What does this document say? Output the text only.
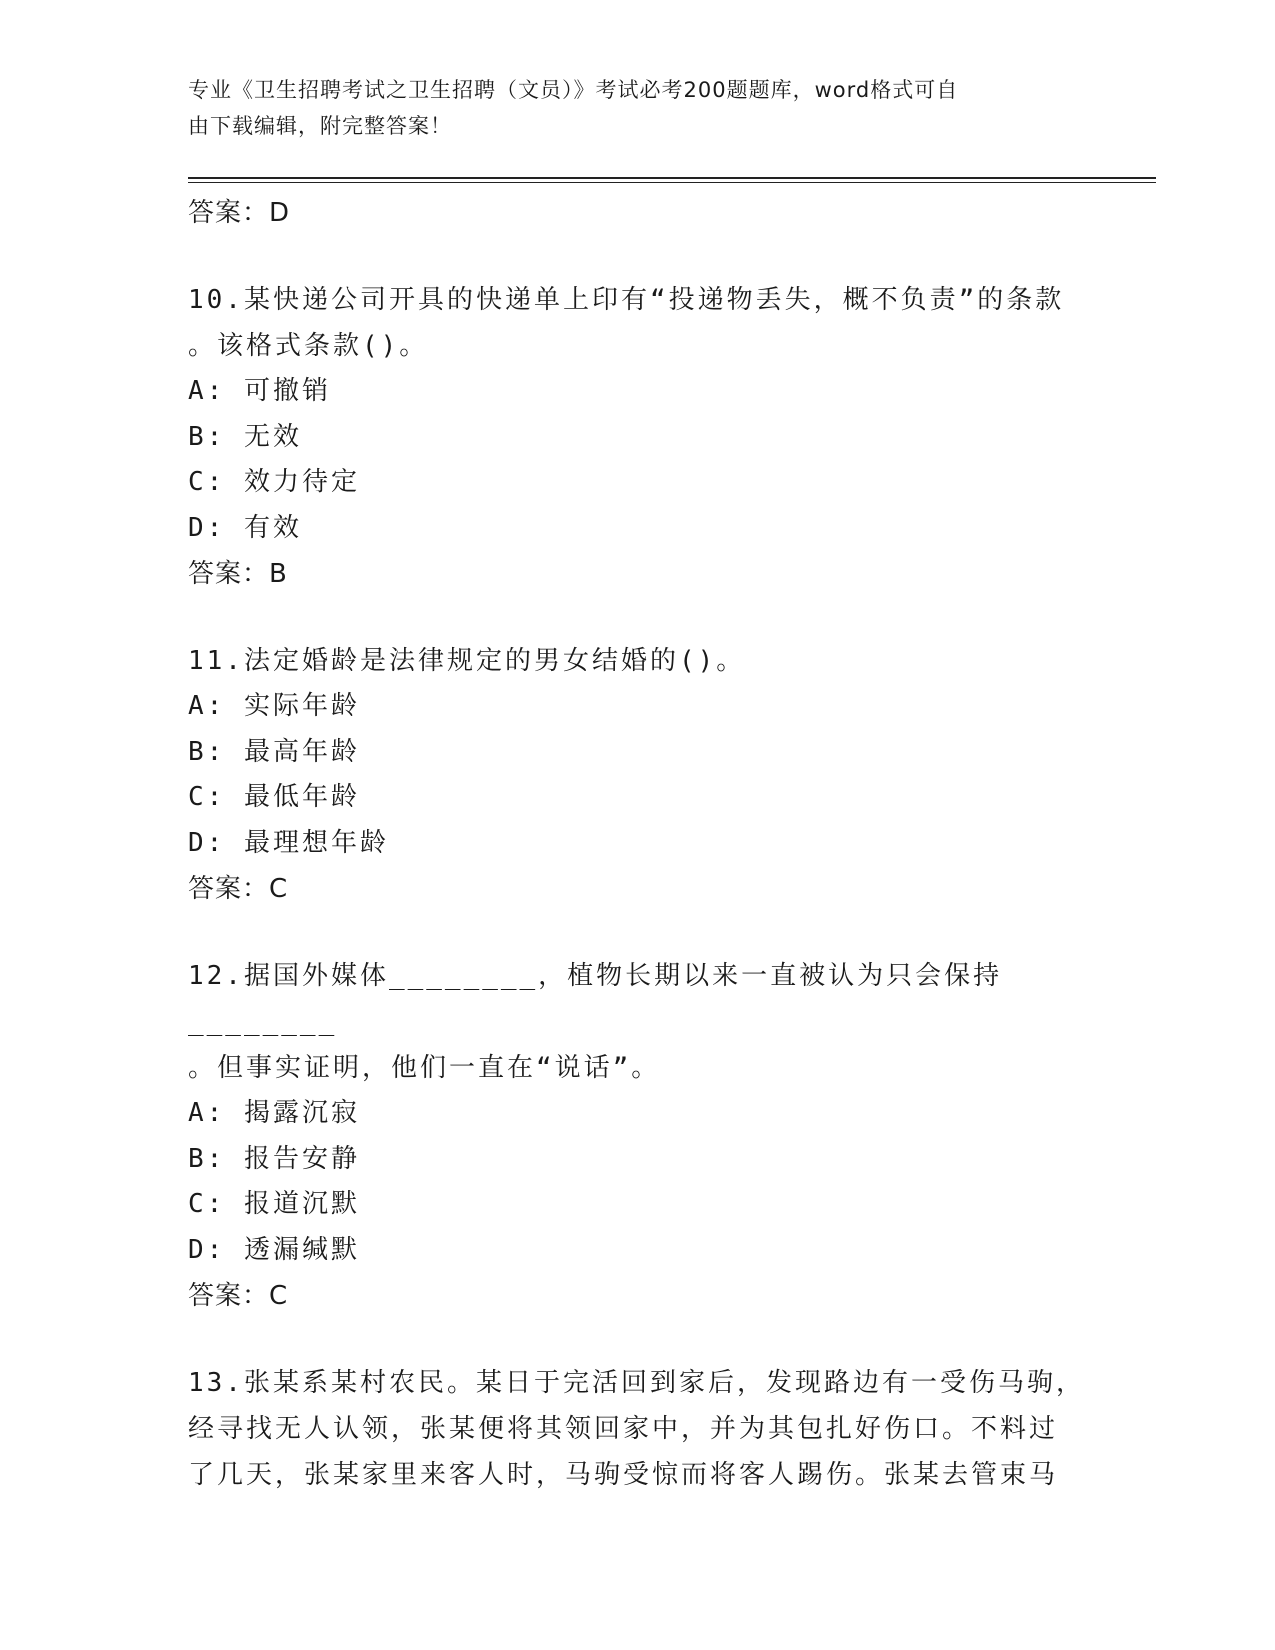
专业《卫生招聘考试之卫生招聘（文员）》考试必考200题题库，word格式可自
由下载编辑，附完整答案！
答案：D
10.某快递公司开具的快递单上印有“投递物丢失，概不负责”的条款
。该格式条款()。
A: 可撤销
B: 无效
C: 效力待定
D: 有效
答案：B
11.法定婚龄是法律规定的男女结婚的()。
A: 实际年龄
B: 最高年龄
C: 最低年龄
D: 最理想年龄
答案：C
12.据国外媒体________，植物长期以来一直被认为只会保持________
。但事实证明，他们一直在“说话”。
A: 揭露沉寂
B: 报告安静
C: 报道沉默
D: 透漏缄默
答案：C
13.张某系某村农民。某日于完活回到家后，发现路边有一受伤马驹，
经寻找无人认领，张某便将其领回家中，并为其包扎好伤口。不料过
了几天，张某家里来客人时，马驹受惊而将客人踢伤。张某去管束马
